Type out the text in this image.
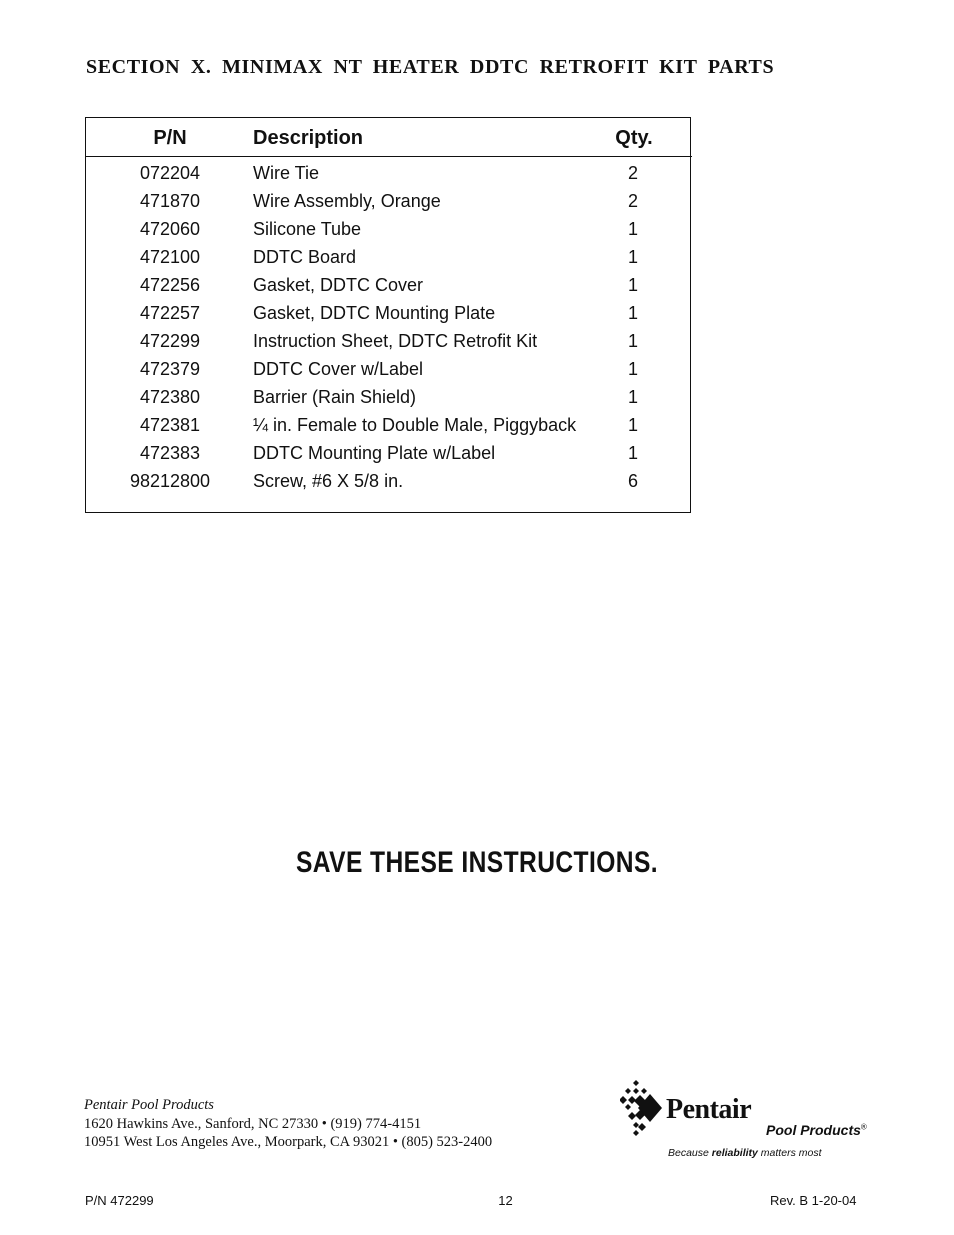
SECTION X. MINIMAX NT HEATER DDTC RETROFIT KIT PARTS
P/N	Description	Qty.
072204	Wire Tie	2
471870	Wire Assembly, Orange	2
472060	Silicone Tube	1
472100	DDTC Board	1
472256	Gasket, DDTC Cover	1
472257	Gasket, DDTC Mounting Plate	1
472299	Instruction Sheet, DDTC Retrofit Kit	1
472379	DDTC Cover w/Label	1
472380	Barrier (Rain Shield)	1
472381	¼ in. Female to Double Male, Piggyback	1
472383	DDTC Mounting Plate w/Label	1
98212800	Screw, #6 X 5/8 in.	6
SAVE THESE INSTRUCTIONS.
Pentair Pool Products
1620 Hawkins Ave., Sanford, NC 27330 • (919) 774-4151
10951 West Los Angeles Ave., Moorpark, CA 93021 • (805) 523-2400
Pentair
Pool Products®
Because reliability matters most
P/N 472299	12	Rev. B 1-20-04
